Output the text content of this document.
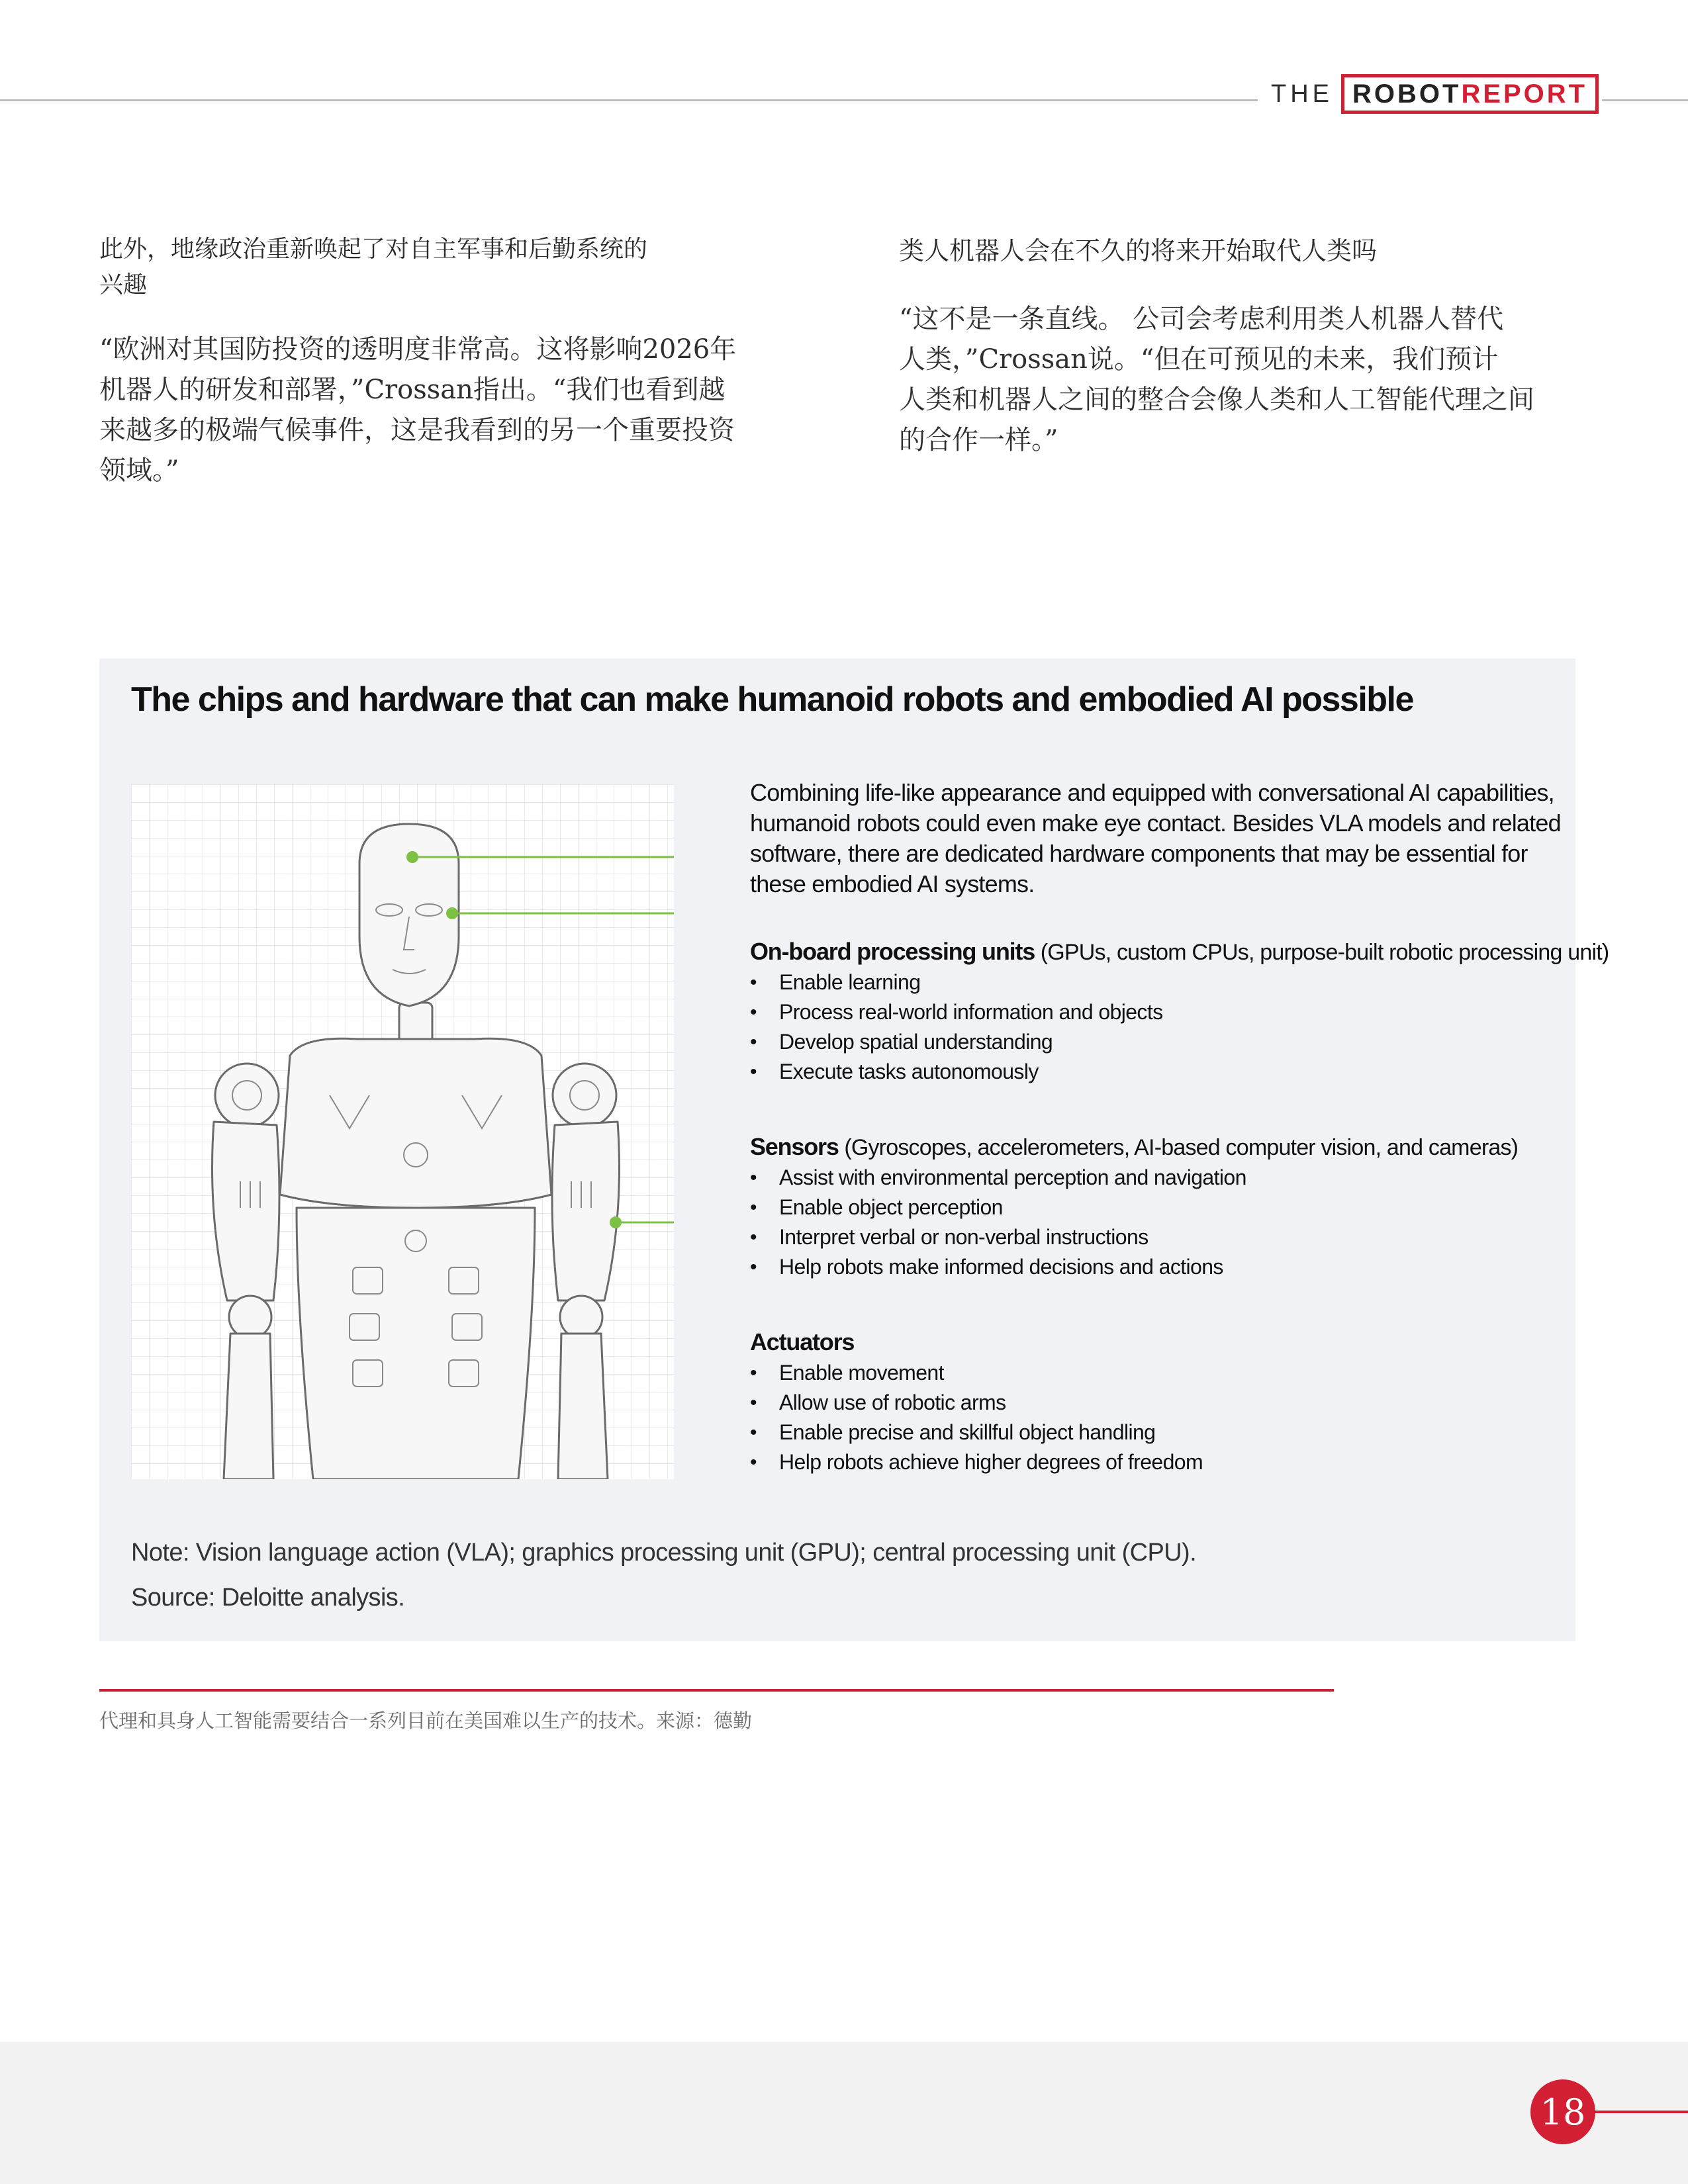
THE ROBOT REPORT
此外，地缘政治重新唤起了对自主军事和后勤系统的
兴趣
“欧洲对其国防投资的透明度非常高。这将影响2026年
机器人的研发和部署，”Crossan指出。“我们也看到越
来越多的极端气候事件，这是我看到的另一个重要投资
领域。”
类人机器人会在不久的将来开始取代人类吗
“这不是一条直线。 公司会考虑利用类人机器人替代
人类，”Crossan说。“但在可预见的未来，我们预计
人类和机器人之间的整合会像人类和人工智能代理之间
的合作一样。”
The chips and hardware that can make humanoid robots and embodied AI possible
Combining life-like appearance and equipped with conversational AI capabilities,
humanoid robots could even make eye contact. Besides VLA models and related
software, there are dedicated hardware components that may be essential for
these embodied AI systems.
On-board processing units (GPUs, custom CPUs, purpose-built robotic processing unit)
• Enable learning
• Process real-world information and objects
• Develop spatial understanding
• Execute tasks autonomously
Sensors (Gyroscopes, accelerometers, AI-based computer vision, and cameras)
• Assist with environmental perception and navigation
• Enable object perception
• Interpret verbal or non-verbal instructions
• Help robots make informed decisions and actions
Actuators
• Enable movement
• Allow use of robotic arms
• Enable precise and skillful object handling
• Help robots achieve higher degrees of freedom
Note: Vision language action (VLA); graphics processing unit (GPU); central processing unit (CPU).
Source: Deloitte analysis.
代理和具身人工智能需要结合一系列目前在美国难以生产的技术。来源：德勤
18
